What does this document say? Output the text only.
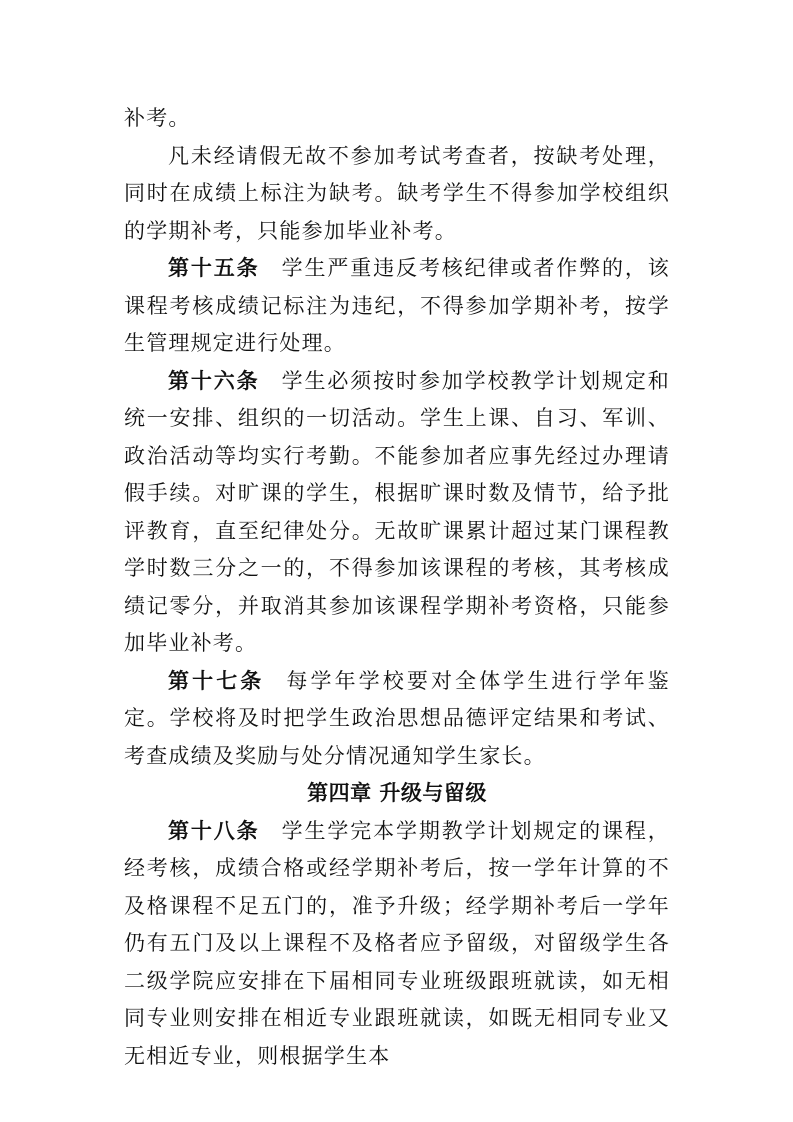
补考。

凡未经请假无故不参加考试考查者，按缺考处理，同时在成绩上标注为缺考。缺考学生不得参加学校组织的学期补考，只能参加毕业补考。

第十五条 学生严重违反考核纪律或者作弊的，该课程考核成绩记标注为违纪，不得参加学期补考，按学生管理规定进行处理。

第十六条 学生必须按时参加学校教学计划规定和统一安排、组织的一切活动。学生上课、自习、军训、政治活动等均实行考勤。不能参加者应事先经过办理请假手续。对旷课的学生，根据旷课时数及情节，给予批评教育，直至纪律处分。无故旷课累计超过某门课程教学时数三分之一的，不得参加该课程的考核，其考核成绩记零分，并取消其参加该课程学期补考资格，只能参加毕业补考。

第十七条 每学年学校要对全体学生进行学年鉴定。学校将及时把学生政治思想品德评定结果和考试、考查成绩及奖励与处分情况通知学生家长。

第四章 升级与留级

第十八条 学生学完本学期教学计划规定的课程，经考核，成绩合格或经学期补考后，按一学年计算的不及格课程不足五门的，准予升级；经学期补考后一学年仍有五门及以上课程不及格者应予留级，对留级学生各二级学院应安排在下届相同专业班级跟班就读，如无相同专业则安排在相近专业跟班就读，如既无相同专业又无相近专业，则根据学生本
